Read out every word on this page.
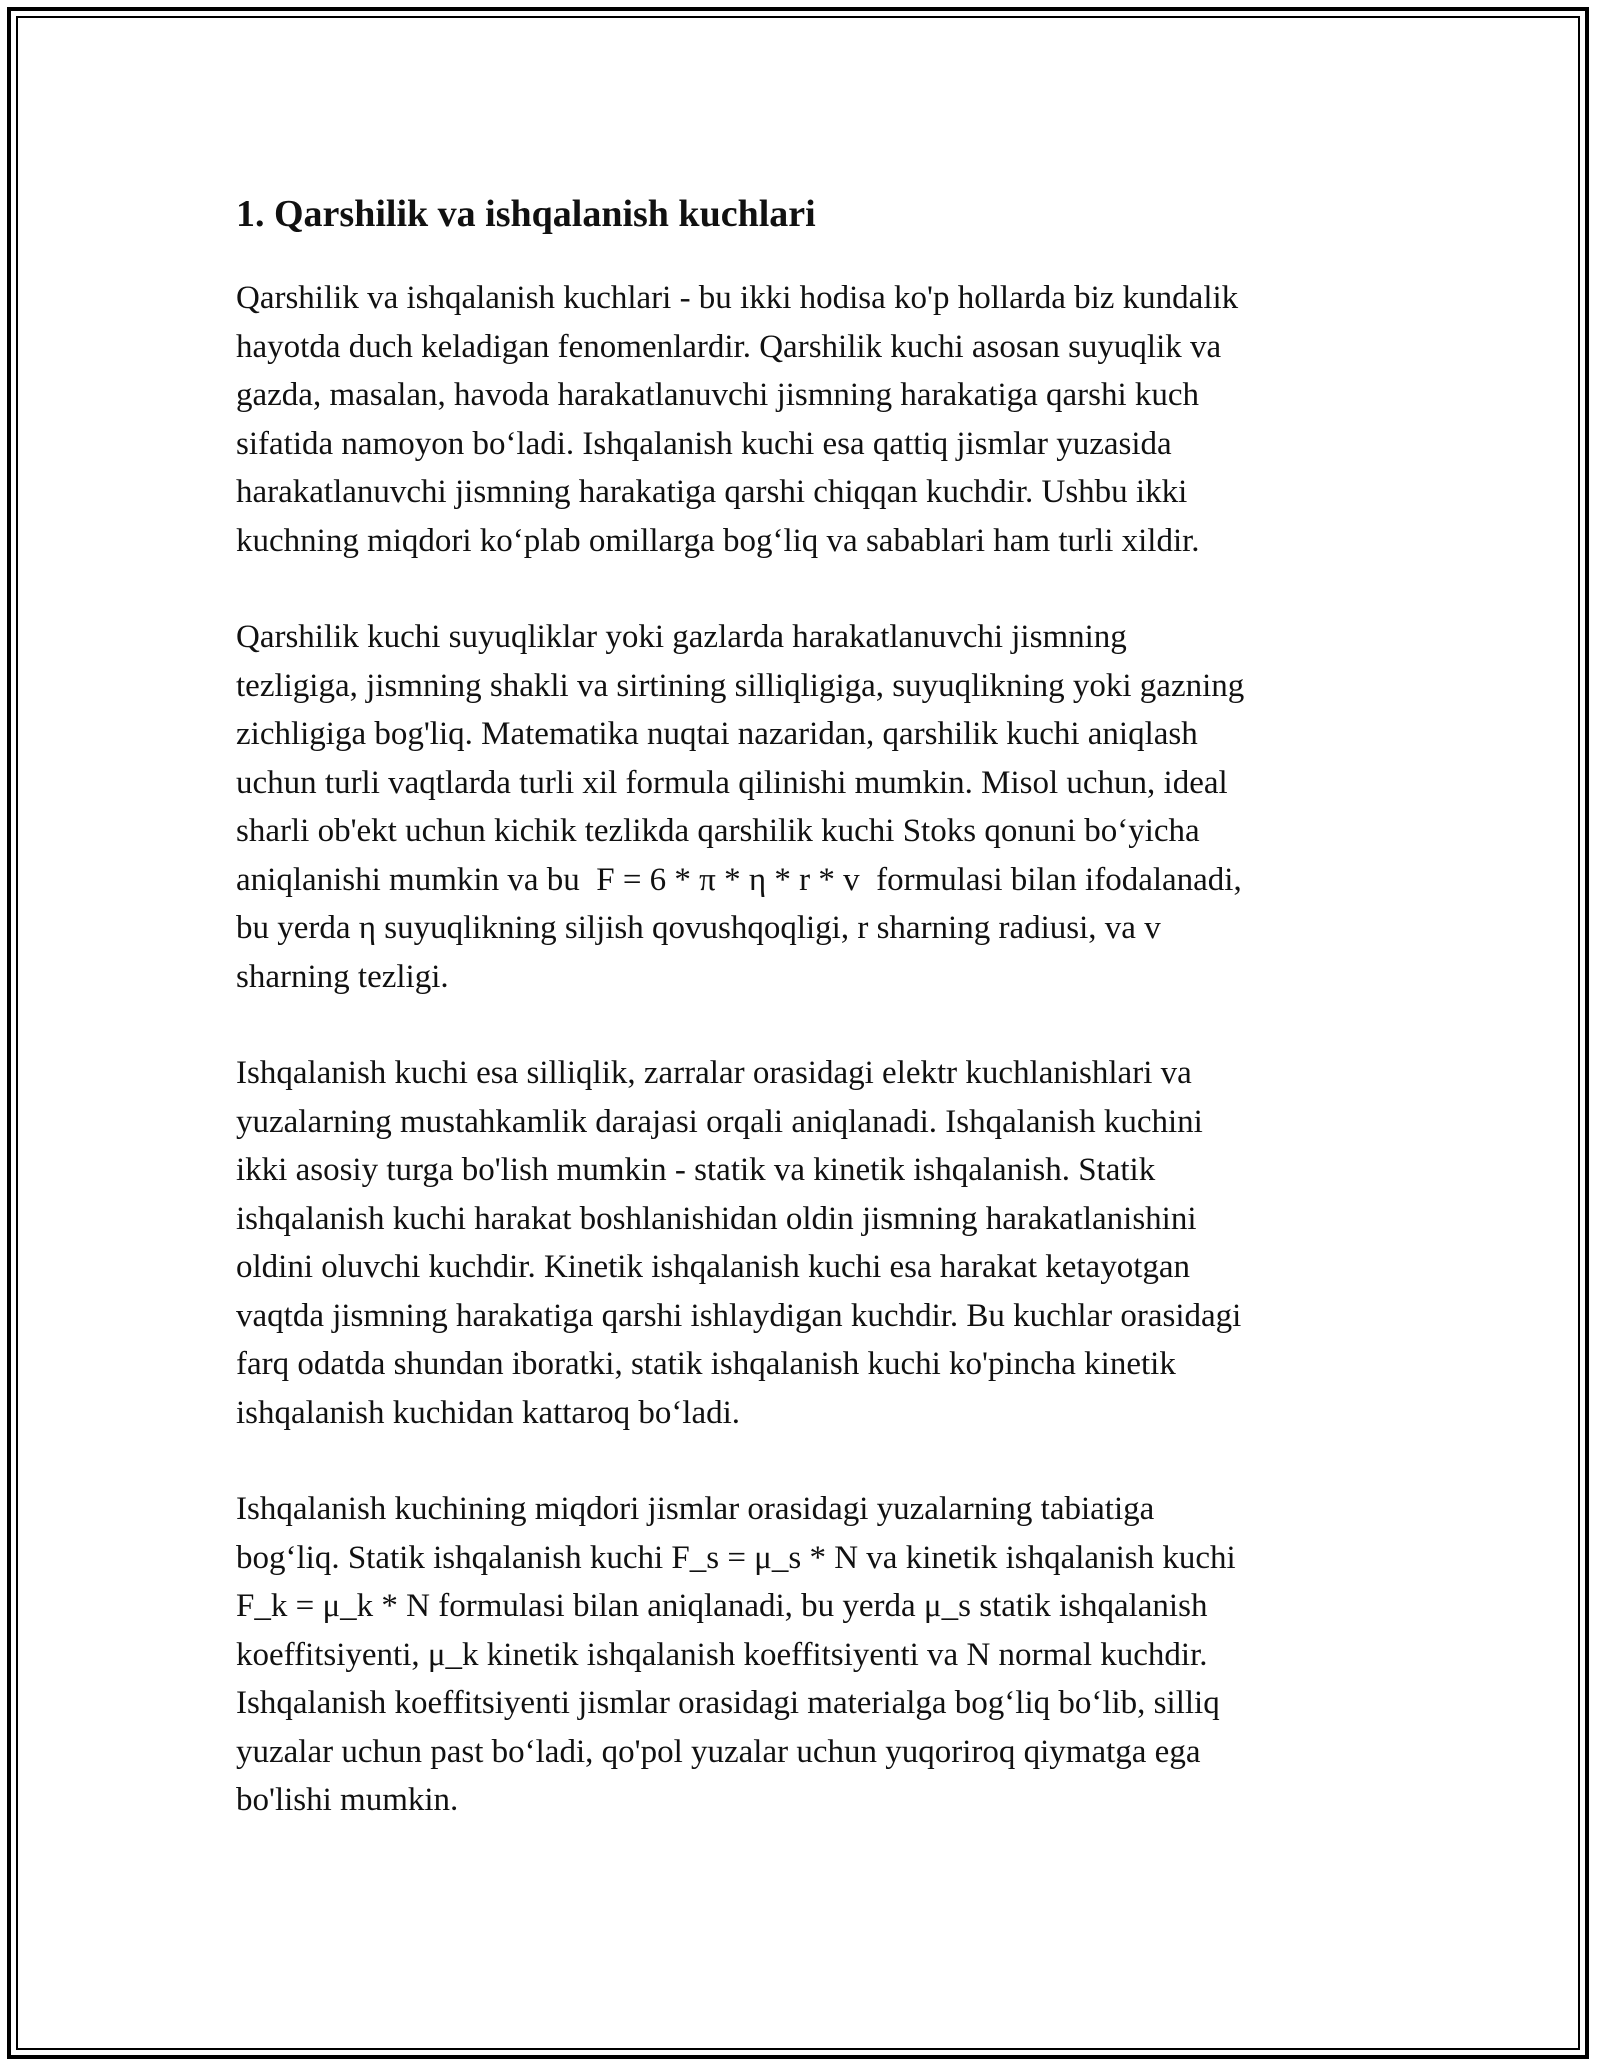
1. Qarshilik va ishqalanish kuchlari

Qarshilik va ishqalanish kuchlari - bu ikki hodisa ko'p hollarda biz kundalik
hayotda duch keladigan fenomenlardir. Qarshilik kuchi asosan suyuqlik va
gazda, masalan, havoda harakatlanuvchi jismning harakatiga qarshi kuch
sifatida namoyon boʻladi. Ishqalanish kuchi esa qattiq jismlar yuzasida
harakatlanuvchi jismning harakatiga qarshi chiqqan kuchdir. Ushbu ikki
kuchning miqdori koʻplab omillarga bogʻliq va sabablari ham turli xildir.

Qarshilik kuchi suyuqliklar yoki gazlarda harakatlanuvchi jismning
tezligiga, jismning shakli va sirtining silliqligiga, suyuqlikning yoki gazning
zichligiga bog'liq. Matematika nuqtai nazaridan, qarshilik kuchi aniqlash
uchun turli vaqtlarda turli xil formula qilinishi mumkin. Misol uchun, ideal
sharli ob'ekt uchun kichik tezlikda qarshilik kuchi Stoks qonuni boʻyicha
aniqlanishi mumkin va bu  F = 6 * π * η * r * v  formulasi bilan ifodalanadi,
bu yerda η suyuqlikning siljish qovushqoqligi, r sharning radiusi, va v
sharning tezligi.

Ishqalanish kuchi esa silliqlik, zarralar orasidagi elektr kuchlanishlari va
yuzalarning mustahkamlik darajasi orqali aniqlanadi. Ishqalanish kuchini
ikki asosiy turga bo'lish mumkin - statik va kinetik ishqalanish. Statik
ishqalanish kuchi harakat boshlanishidan oldin jismning harakatlanishini
oldini oluvchi kuchdir. Kinetik ishqalanish kuchi esa harakat ketayotgan
vaqtda jismning harakatiga qarshi ishlaydigan kuchdir. Bu kuchlar orasidagi
farq odatda shundan iboratki, statik ishqalanish kuchi ko'pincha kinetik
ishqalanish kuchidan kattaroq boʻladi.

Ishqalanish kuchining miqdori jismlar orasidagi yuzalarning tabiatiga
bogʻliq. Statik ishqalanish kuchi F_s = μ_s * N va kinetik ishqalanish kuchi
F_k = μ_k * N formulasi bilan aniqlanadi, bu yerda μ_s statik ishqalanish
koeffitsiyenti, μ_k kinetik ishqalanish koeffitsiyenti va N normal kuchdir.
Ishqalanish koeffitsiyenti jismlar orasidagi materialga bogʻliq boʻlib, silliq
yuzalar uchun past boʻladi, qo'pol yuzalar uchun yuqoriroq qiymatga ega
bo'lishi mumkin.
